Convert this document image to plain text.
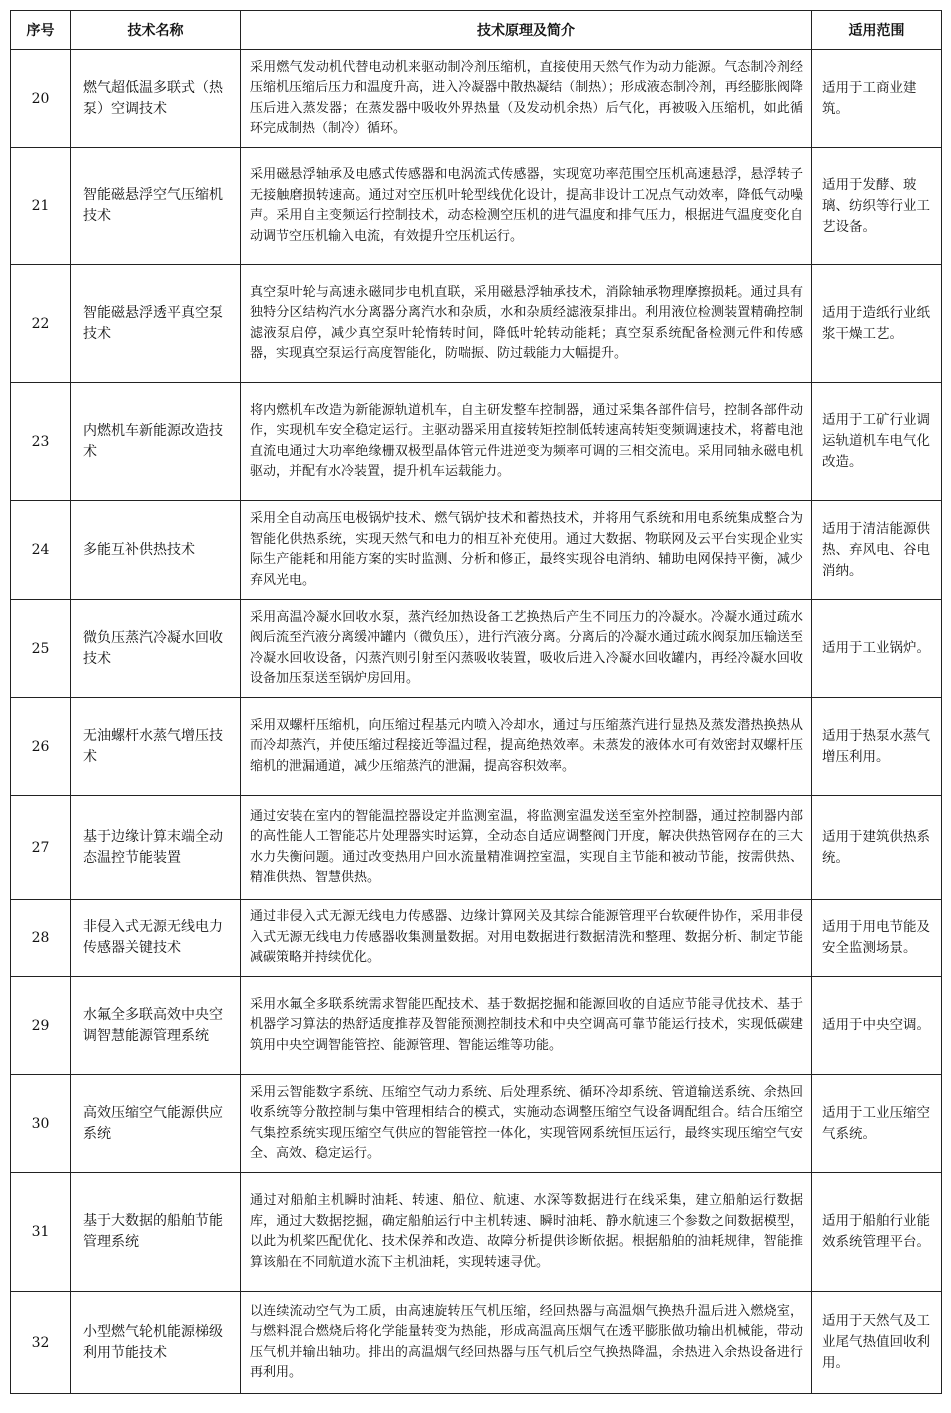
序号	技术名称	技术原理及简介	适用范围
20	燃气超低温多联式（热泵）空调技术	采用燃气发动机代替电动机来驱动制冷剂压缩机，直接使用天然气作为动力能源。气态制冷剂经压缩机压缩后压力和温度升高，进入冷凝器中散热凝结（制热）；形成液态制冷剂，再经膨胀阀降压后进入蒸发器；在蒸发器中吸收外界热量（及发动机余热）后气化，再被吸入压缩机，如此循环完成制热（制冷）循环。	适用于工商业建筑。
21	智能磁悬浮空气压缩机技术	采用磁悬浮轴承及电感式传感器和电涡流式传感器，实现宽功率范围空压机高速悬浮，悬浮转子无接触磨损转速高。通过对空压机叶轮型线优化设计，提高非设计工况点气动效率，降低气动噪声。采用自主变频运行控制技术，动态检测空压机的进气温度和排气压力，根据进气温度变化自动调节空压机输入电流，有效提升空压机运行。	适用于发酵、玻璃、纺织等行业工艺设备。
22	智能磁悬浮透平真空泵技术	真空泵叶轮与高速永磁同步电机直联，采用磁悬浮轴承技术，消除轴承物理摩擦损耗。通过具有独特分区结构汽水分离器分离汽水和杂质，水和杂质经滤液泵排出。利用液位检测装置精确控制滤液泵启停，减少真空泵叶轮惰转时间，降低叶轮转动能耗；真空泵系统配备检测元件和传感器，实现真空泵运行高度智能化，防喘振、防过载能力大幅提升。	适用于造纸行业纸浆干燥工艺。
23	内燃机车新能源改造技术	将内燃机车改造为新能源轨道机车，自主研发整车控制器，通过采集各部件信号，控制各部件动作，实现机车安全稳定运行。主驱动器采用直接转矩控制低转速高转矩变频调速技术，将蓄电池直流电通过大功率绝缘栅双极型晶体管元件进逆变为频率可调的三相交流电。采用同轴永磁电机驱动，并配有水冷装置，提升机车运载能力。	适用于工矿行业调运轨道机车电气化改造。
24	多能互补供热技术	采用全自动高压电极锅炉技术、燃气锅炉技术和蓄热技术，并将用气系统和用电系统集成整合为智能化供热系统，实现天然气和电力的相互补充使用。通过大数据、物联网及云平台实现企业实际生产能耗和用能方案的实时监测、分析和修正，最终实现谷电消纳、辅助电网保持平衡，减少弃风光电。	适用于清洁能源供热、弃风电、谷电消纳。
25	微负压蒸汽冷凝水回收技术	采用高温冷凝水回收水泵，蒸汽经加热设备工艺换热后产生不同压力的冷凝水。冷凝水通过疏水阀后流至汽液分离缓冲罐内（微负压），进行汽液分离。分离后的冷凝水通过疏水阀泵加压输送至冷凝水回收设备，闪蒸汽则引射至闪蒸吸收装置，吸收后进入冷凝水回收罐内，再经冷凝水回收设备加压泵送至锅炉房回用。	适用于工业锅炉。
26	无油螺杆水蒸气增压技术	采用双螺杆压缩机，向压缩过程基元内喷入冷却水，通过与压缩蒸汽进行显热及蒸发潜热换热从而冷却蒸汽，并使压缩过程接近等温过程，提高绝热效率。未蒸发的液体水可有效密封双螺杆压缩机的泄漏通道，减少压缩蒸汽的泄漏，提高容积效率。	适用于热泵水蒸气增压利用。
27	基于边缘计算末端全动态温控节能装置	通过安装在室内的智能温控器设定并监测室温，将监测室温发送至室外控制器，通过控制器内部的高性能人工智能芯片处理器实时运算，全动态自适应调整阀门开度，解决供热管网存在的三大水力失衡问题。通过改变热用户回水流量精准调控室温，实现自主节能和被动节能，按需供热、精准供热、智慧供热。	适用于建筑供热系统。
28	非侵入式无源无线电力传感器关键技术	通过非侵入式无源无线电力传感器、边缘计算网关及其综合能源管理平台软硬件协作，采用非侵入式无源无线电力传感器收集测量数据。对用电数据进行数据清洗和整理、数据分析、制定节能减碳策略并持续优化。	适用于用电节能及安全监测场景。
29	水氟全多联高效中央空调智慧能源管理系统	采用水氟全多联系统需求智能匹配技术、基于数据挖掘和能源回收的自适应节能寻优技术、基于机器学习算法的热舒适度推荐及智能预测控制技术和中央空调高可靠节能运行技术，实现低碳建筑用中央空调智能管控、能源管理、智能运维等功能。	适用于中央空调。
30	高效压缩空气能源供应系统	采用云智能数字系统、压缩空气动力系统、后处理系统、循环冷却系统、管道输送系统、余热回收系统等分散控制与集中管理相结合的模式，实施动态调整压缩空气设备调配组合。结合压缩空气集控系统实现压缩空气供应的智能管控一体化，实现管网系统恒压运行，最终实现压缩空气安全、高效、稳定运行。	适用于工业压缩空气系统。
31	基于大数据的船舶节能管理系统	通过对船舶主机瞬时油耗、转速、船位、航速、水深等数据进行在线采集，建立船舶运行数据库，通过大数据挖掘，确定船舶运行中主机转速、瞬时油耗、静水航速三个参数之间数据模型，以此为机桨匹配优化、技术保养和改造、故障分析提供诊断依据。根据船舶的油耗规律，智能推算该船在不同航道水流下主机油耗，实现转速寻优。	适用于船舶行业能效系统管理平台。
32	小型燃气轮机能源梯级利用节能技术	以连续流动空气为工质，由高速旋转压气机压缩，经回热器与高温烟气换热升温后进入燃烧室，与燃料混合燃烧后将化学能量转变为热能，形成高温高压烟气在透平膨胀做功输出机械能，带动压气机并输出轴功。排出的高温烟气经回热器与压气机后空气换热降温，余热进入余热设备进行再利用。	适用于天然气及工业尾气热值回收利用。
